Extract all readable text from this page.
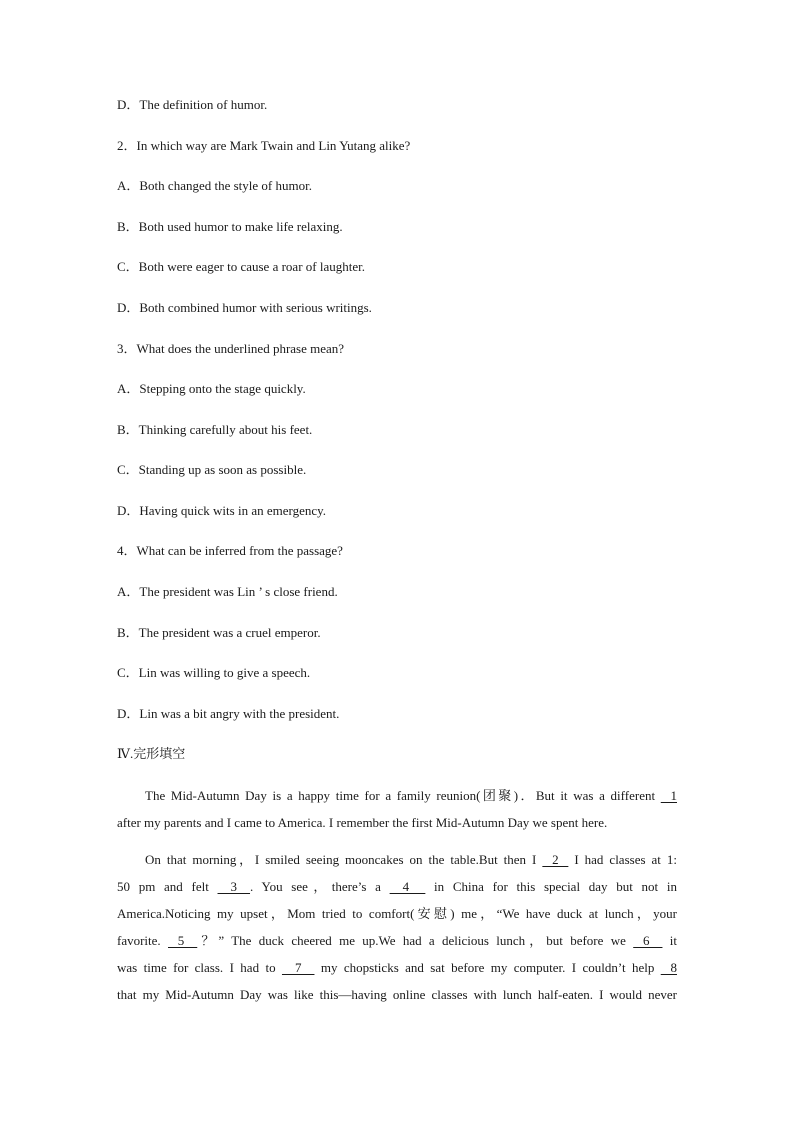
D．The definition of humor.
2．In which way are Mark Twain and Lin Yutang alike?
A．Both changed the style of humor.
B．Both used humor to make life relaxing.
C．Both were eager to cause a roar of laughter.
D．Both combined humor with serious writings.
3．What does the underlined phrase mean?
A．Stepping onto the stage quickly.
B．Thinking carefully about his feet.
C．Standing up as soon as possible.
D．Having quick wits in an emergency.
4．What can be inferred from the passage?
A．The president was Lin ’ s close friend.
B．The president was a cruel emperor.
C．Lin was willing to give a speech.
D．Lin was a bit angry with the president.
Ⅳ.完形填空
The Mid-Autumn Day is a happy time for a family reunion(团聚)．But it was a different    1
after my parents and I came to America. I remember the first Mid-Autumn Day we spent here.
On that morning，I smiled seeing mooncakes on the table.But then I    2    I had classes at 1:
50 pm and felt     3    . You see，there’s a     4      in China for this special day but not in
America.Noticing my upset，Mom tried to comfort(安慰) me，“We have duck at lunch，your
favorite.    5    ？” The duck cheered me up.We had a delicious lunch，but before we    6     it
was time for class. I had to     7     my chopsticks and sat before my computer. I couldn’t help    8
that my Mid-Autumn Day was like this—having online classes with lunch half-eaten. I would never
